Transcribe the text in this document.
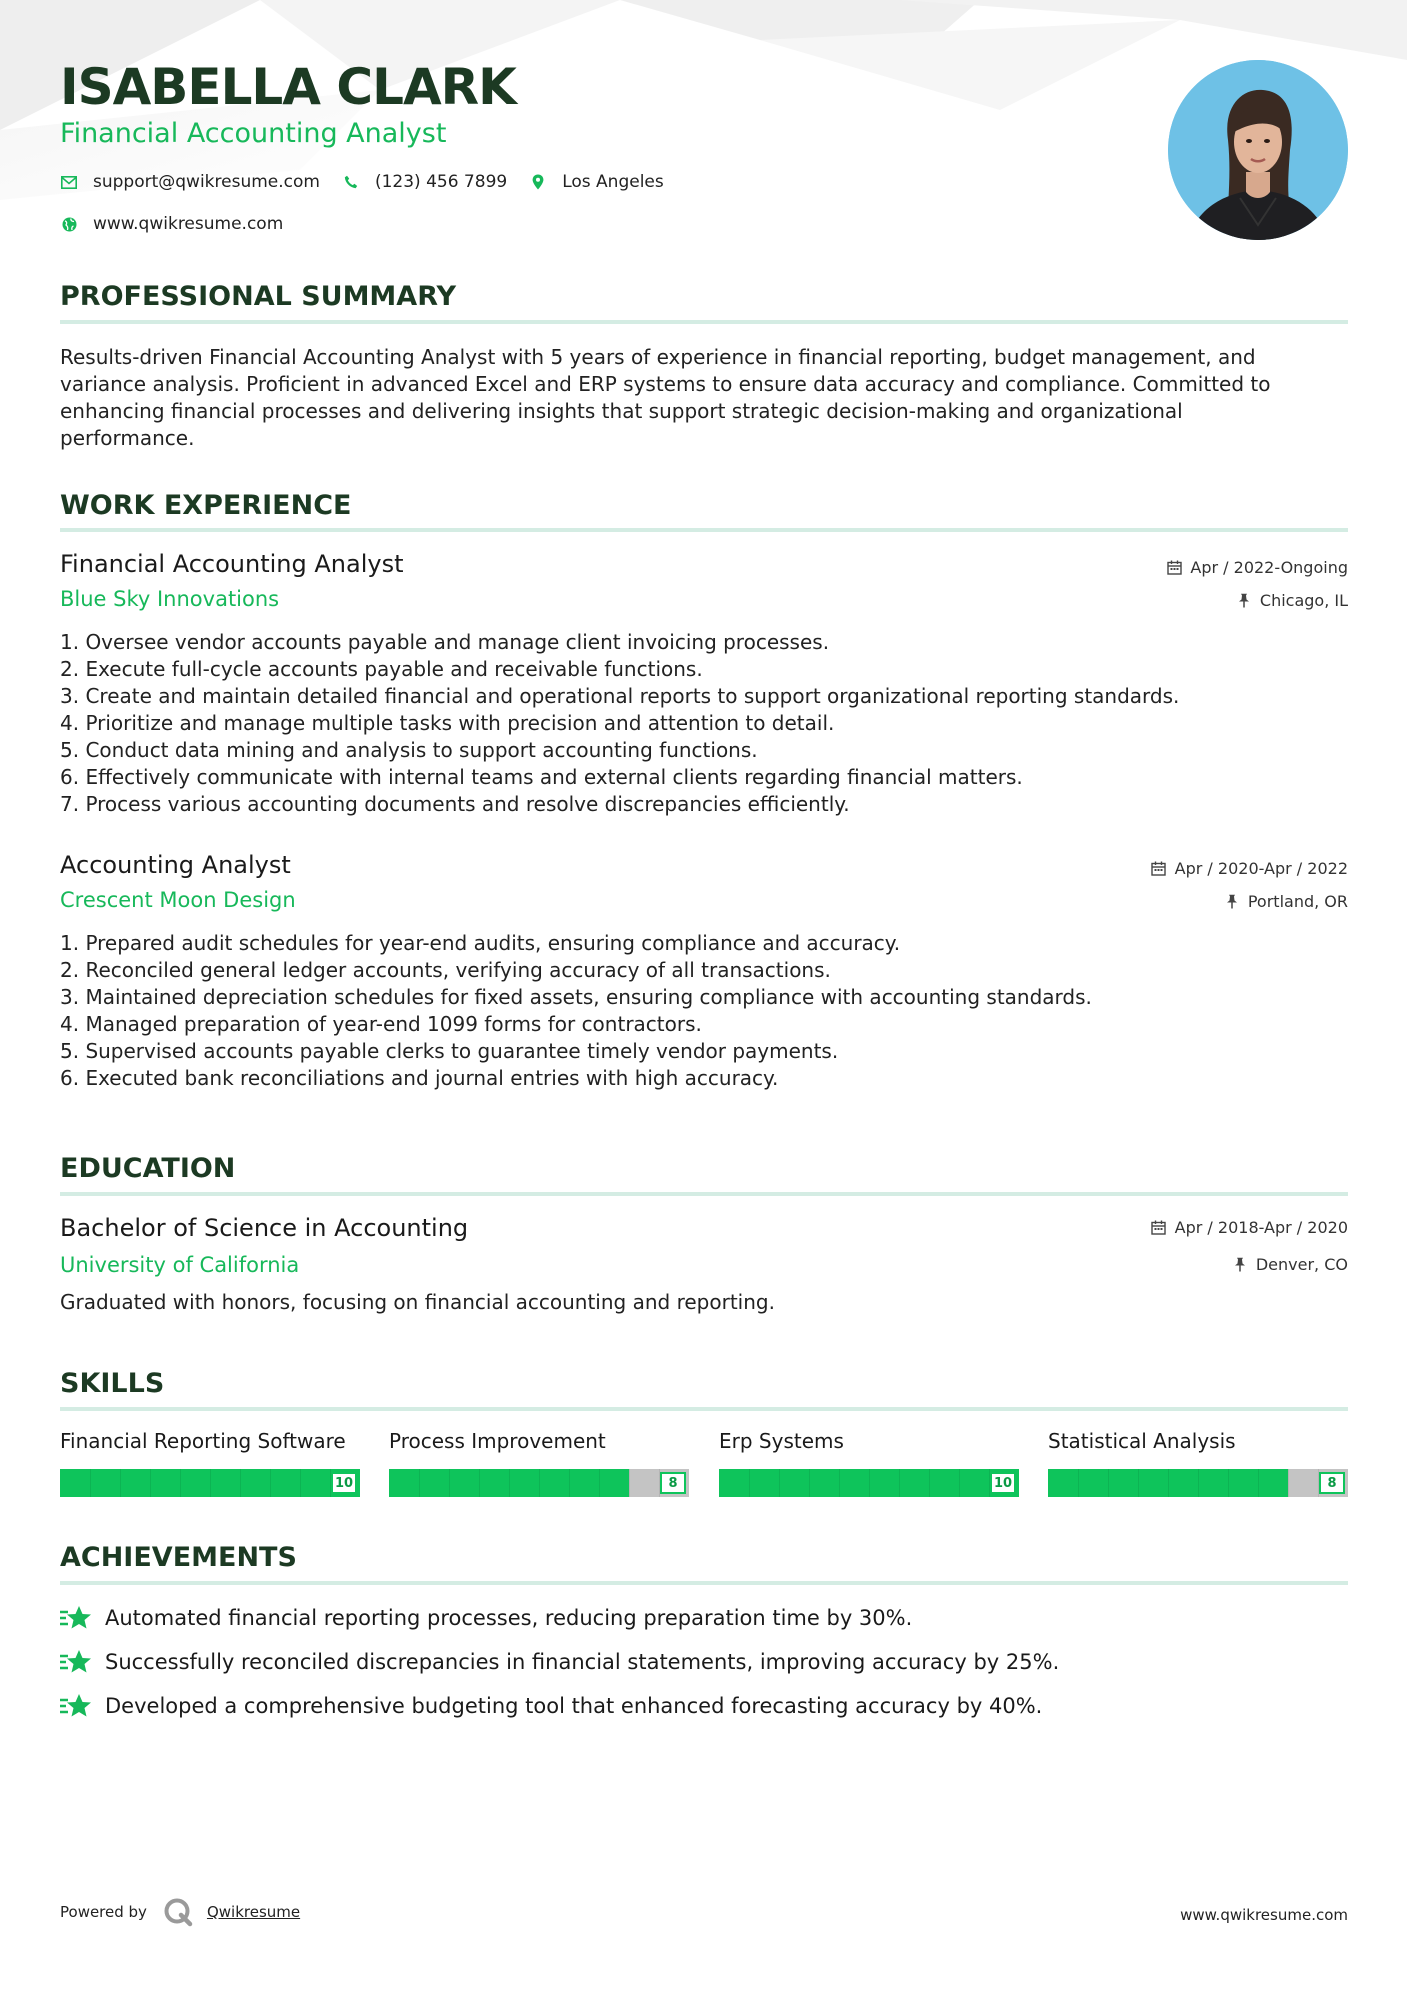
ISABELLA CLARK
Financial Accounting Analyst
support@qwikresume.com	(123) 456 7899	Los Angeles
www.qwikresume.com
PROFESSIONAL SUMMARY
Results-driven Financial Accounting Analyst with 5 years of experience in financial reporting, budget management, and
variance analysis. Proficient in advanced Excel and ERP systems to ensure data accuracy and compliance. Committed to
enhancing financial processes and delivering insights that support strategic decision-making and organizational
performance.
WORK EXPERIENCE
Financial Accounting Analyst	Apr / 2022-Ongoing
Blue Sky Innovations	Chicago, IL
1. Oversee vendor accounts payable and manage client invoicing processes.
2. Execute full-cycle accounts payable and receivable functions.
3. Create and maintain detailed financial and operational reports to support organizational reporting standards.
4. Prioritize and manage multiple tasks with precision and attention to detail.
5. Conduct data mining and analysis to support accounting functions.
6. Effectively communicate with internal teams and external clients regarding financial matters.
7. Process various accounting documents and resolve discrepancies efficiently.
Accounting Analyst	Apr / 2020-Apr / 2022
Crescent Moon Design	Portland, OR
1. Prepared audit schedules for year-end audits, ensuring compliance and accuracy.
2. Reconciled general ledger accounts, verifying accuracy of all transactions.
3. Maintained depreciation schedules for fixed assets, ensuring compliance with accounting standards.
4. Managed preparation of year-end 1099 forms for contractors.
5. Supervised accounts payable clerks to guarantee timely vendor payments.
6. Executed bank reconciliations and journal entries with high accuracy.
EDUCATION
Bachelor of Science in Accounting	Apr / 2018-Apr / 2020
University of California	Denver, CO
Graduated with honors, focusing on financial accounting and reporting.
SKILLS
Financial Reporting Software
10
Process Improvement
8
Erp Systems
10
Statistical Analysis
8
ACHIEVEMENTS
Automated financial reporting processes, reducing preparation time by 30%.
Successfully reconciled discrepancies in financial statements, improving accuracy by 25%.
Developed a comprehensive budgeting tool that enhanced forecasting accuracy by 40%.
Powered by	Qwikresume	www.qwikresume.com
